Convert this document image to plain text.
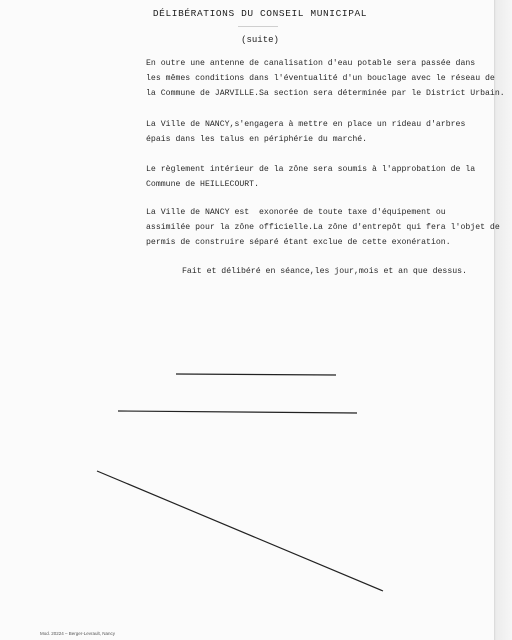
DÉLIBÉRATIONS DU CONSEIL MUNICIPAL
(suite)
En outre une antenne de canalisation d'eau potable sera passée dans
les mêmes conditions dans l'éventualité d'un bouclage avec le réseau de
la Commune de JARVILLE.Sa section sera déterminée par le District Urbain.
La Ville de NANCY,s'engagera à mettre en place un rideau d'arbres
épais dans les talus en périphérie du marché.
Le règlement intérieur de la zône sera soumis à l'approbation de la
Commune de HEILLECOURT.
La Ville de NANCY est  exonorée de toute taxe d'équipement ou
assimilée pour la zône officielle.La zône d'entrepôt qui fera l'objet de
permis de construire séparé étant exclue de cette exonération.
Fait et délibéré en séance,les jour,mois et an que dessus.
Mod. 20224 – Berger-Levrault, Nancy
